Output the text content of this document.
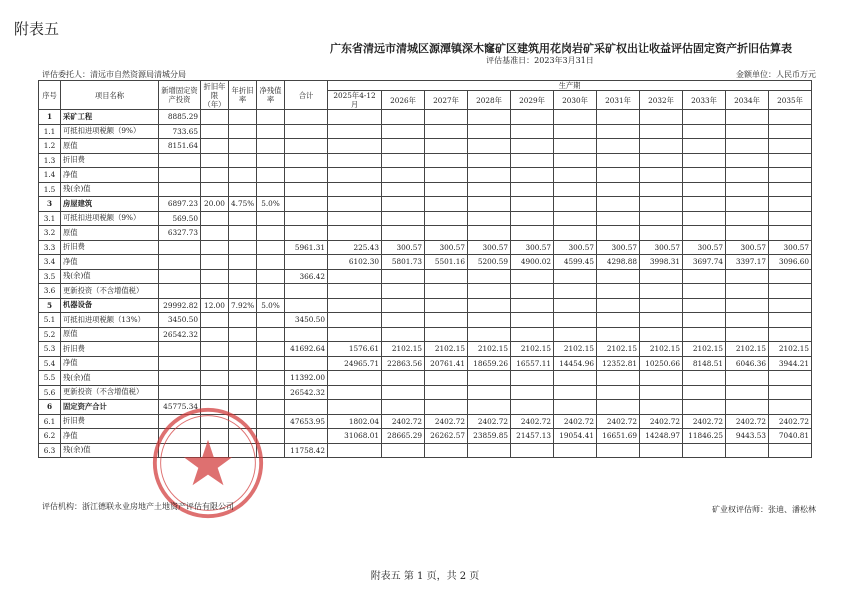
附表五
广东省清远市清城区源潭镇深木窿矿区建筑用花岗岩矿采矿权出让收益评估固定资产折旧估算表
评估基准日：2023年3月31日
评估委托人：清远市自然资源局清城分局	金额单位：人民币万元
序号	项目名称	新增固定资产投资	折旧年限（年）	年折旧率	净残值率	合计	生产期										
							2025年4-12月	2026年	2027年	2028年	2029年	2030年	2031年	2032年	2033年	2034年	2035年
1	采矿工程	8885.29															
1.1	可抵扣进项税额（9%）	733.65															
1.2	原值	8151.64															
1.3	折旧费																
1.4	净值																
1.5	残(余)值																
3	房屋建筑	6897.23	20.00	4.75%	5.0%												
3.1	可抵扣进项税额（9%）	569.50															
3.2	原值	6327.73															
3.3	折旧费					5961.31	225.43	300.57	300.57	300.57	300.57	300.57	300.57	300.57	300.57	300.57	300.57
3.4	净值						6102.30	5801.73	5501.16	5200.59	4900.02	4599.45	4298.88	3998.31	3697.74	3397.17	3096.60
3.5	残(余)值					366.42											
3.6	更新投资（不含增值税）																
5	机器设备	29992.82	12.00	7.92%	5.0%												
5.1	可抵扣进项税额（13%）	3450.50				3450.50											
5.2	原值	26542.32															
5.3	折旧费					41692.64	1576.61	2102.15	2102.15	2102.15	2102.15	2102.15	2102.15	2102.15	2102.15	2102.15	2102.15
5.4	净值						24965.71	22863.56	20761.41	18659.26	16557.11	14454.96	12352.81	10250.66	8148.51	6046.36	3944.21
5.5	残(余)值					11392.00											
5.6	更新投资（不含增值税）					26542.32											
6	固定资产合计	45775.34															
6.1	折旧费					47653.95	1802.04	2402.72	2402.72	2402.72	2402.72	2402.72	2402.72	2402.72	2402.72	2402.72	2402.72
6.2	净值						31068.01	28665.29	26262.57	23859.85	21457.13	19054.41	16651.69	14248.97	11846.25	9443.53	7040.81
6.3	残(余)值					11758.42											
评估机构：浙江德联永业房地产土地资产评估有限公司	矿业权评估师：张迪、潘松林
附表五 第 1 页，共 2 页
